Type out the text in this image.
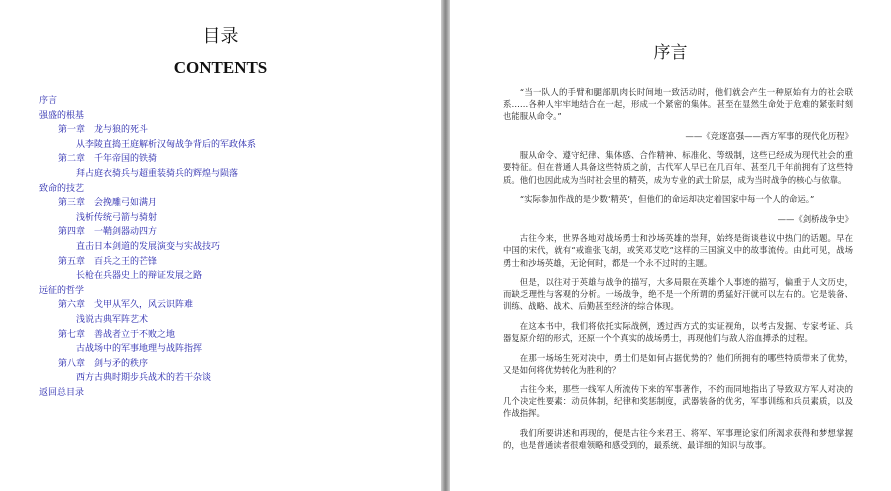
目录
CONTENTS
序言
强盛的根基
第一章　龙与狼的死斗
从李陵直捣王庭解析汉匈战争背后的军政体系
第二章　千年帝国的铁骑
拜占庭衣骑兵与超重装骑兵的辉煌与陨落
致命的技艺
第三章　会挽雕弓如满月
浅析传统弓箭与骑射
第四章　一鞘剑器动四方
直击日本剑道的发展演变与实战技巧
第五章　百兵之王的芒锋
长枪在兵器史上的辩证发展之路
远征的哲学
第六章　戈甲从军久，风云识阵难
浅说古典军阵艺术
第七章　善战者立于不败之地
古战场中的军事地理与战阵指挥
第八章　剑与矛的秩序
西方古典时期步兵战术的若干杂谈
返回总目录
序言

“当一队人的手臂和腿部肌肉长时间地一致活动时，他们就会产生一种原始有力的社会联系……各种人牢牢地结合在一起，形成一个紧密的集体。甚至在显然生命处于危难的紧张时刻也能服从命令。”

——《竞逐富强——西方军事的现代化历程》

服从命令、遵守纪律、集体感、合作精神、标准化、等级制，这些已经成为现代社会的重要特征。但在普通人具备这些特质之前，古代军人早已在几百年、甚至几千年前拥有了这些特质。他们也因此成为当时社会里的精英，成为专业的武士阶层，成为当时战争的核心与依靠。

“实际参加作战的是少数‘精英’，但他们的命运却决定着国家中每一个人的命运。”

——《剑桥战争史》

古往今来，世界各地对战场勇士和沙场英雄的崇拜，始终是街谈巷议中热门的话题。早在中国的宋代，就有“戒谁张飞胡，或笑邓艾吃”这样的三国演义中的故事流传。由此可见，战场勇士和沙场英雄，无论何时，都是一个永不过时的主题。

但是，以往对于英雄与战争的描写，大多局限在英雄个人事迹的描写，偏重于人文历史，而缺乏理性与客观的分析。一场战争，绝不是一个所谓的勇猛好汗就可以左右的。它是装备、训练、战略、战术、后勤甚至经济的综合体现。

在这本书中，我们将依托实际战例，透过西方式的实证视角，以考古发掘、专家考证、兵器复原介绍的形式，还原一个个真实的战场勇士，再现他们与敌人浴血搏杀的过程。

在那一场场生死对决中，勇士们是如何占据优势的？他们所拥有的哪些特质带来了优势，又是如何将优势转化为胜利的？

古往今来，那些一线军人所流传下来的军事著作，不约而同地指出了导致双方军人对决的几个决定性要素：动员体制，纪律和奖惩制度，武器装备的优劣，军事训练和兵员素质，以及作战指挥。

我们所要讲述和再现的，便是古往今来君王、将军、军事理论家们所渴求获得和梦想掌握的，也是普通读者很难领略和感受到的，最系统、最详细的知识与故事。
